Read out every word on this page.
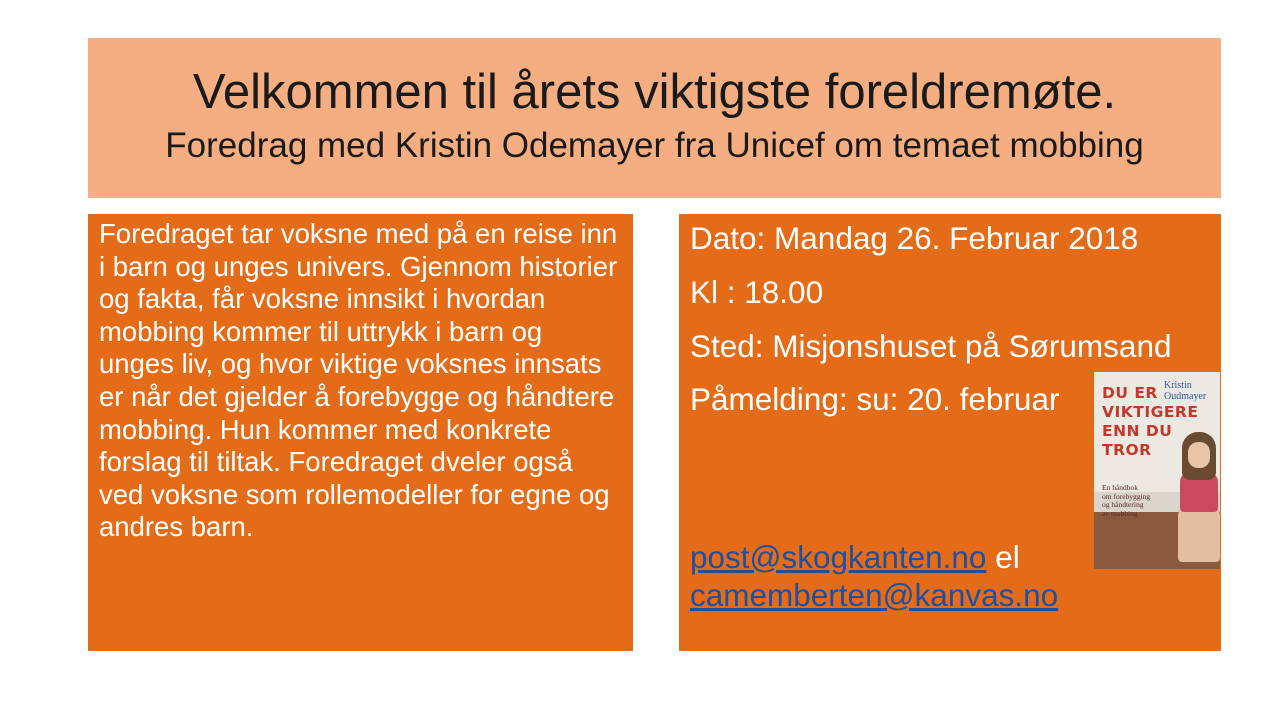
Velkommen til årets viktigste foreldremøte.
Foredrag med Kristin Odemayer fra Unicef om temaet mobbing

Foredraget tar voksne med på en reise inn i barn og unges univers. Gjennom historier og fakta, får voksne innsikt i hvordan mobbing kommer til uttrykk i barn og unges liv, og hvor viktige voksnes innsats er når det gjelder å forebygge og håndtere mobbing. Hun kommer med konkrete forslag til tiltak. Foredraget dveler også ved voksne som rollemodeller for egne og andres barn.

Dato: Mandag 26. Februar 2018
Kl : 18.00
Sted: Misjonshuset på Sørumsand
Påmelding: su: 20. februar
post@skogkanten.no el
camemberten@kanvas.no
DU ER
VIKTIGERE
ENN DU
TROR
Kristin
Oudmayer
En håndbok
om forebygging
og håndtering
av mobbing
